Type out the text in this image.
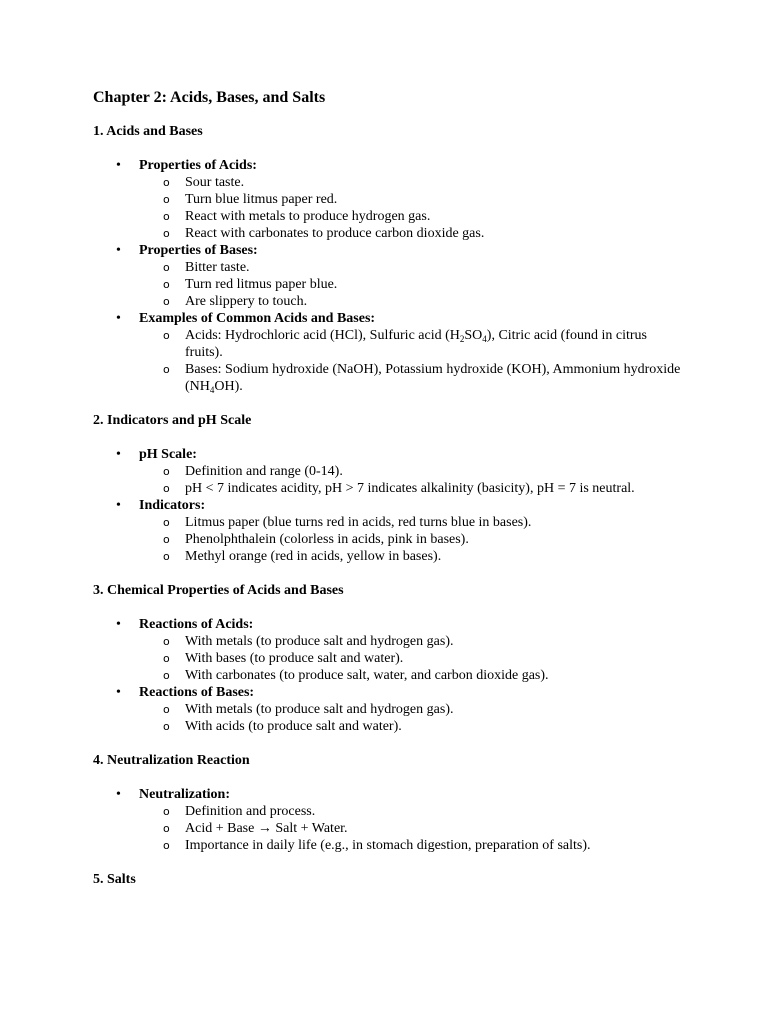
Chapter 2: Acids, Bases, and Salts
1. Acids and Bases
• Properties of Acids:
o Sour taste.
o Turn blue litmus paper red.
o React with metals to produce hydrogen gas.
o React with carbonates to produce carbon dioxide gas.
• Properties of Bases:
o Bitter taste.
o Turn red litmus paper blue.
o Are slippery to touch.
• Examples of Common Acids and Bases:
o Acids: Hydrochloric acid (HCl), Sulfuric acid $(H_2SO_4)$, Citric acid (found in citrus fruits).
o Bases: Sodium hydroxide (NaOH), Potassium hydroxide (KOH), Ammonium hydroxide $(NH_4OH)$.
2. Indicators and pH Scale
• pH Scale:
o Definition and range (0-14).
o pH < 7 indicates acidity, pH > 7 indicates alkalinity (basicity), pH = 7 is neutral.
• Indicators:
o Litmus paper (blue turns red in acids, red turns blue in bases).
o Phenolphthalein (colorless in acids, pink in bases).
o Methyl orange (red in acids, yellow in bases).
3. Chemical Properties of Acids and Bases
• Reactions of Acids:
o With metals (to produce salt and hydrogen gas).
o With bases (to produce salt and water).
o With carbonates (to produce salt, water, and carbon dioxide gas).
• Reactions of Bases:
o With metals (to produce salt and hydrogen gas).
o With acids (to produce salt and water).
4. Neutralization Reaction
• Neutralization:
o Definition and process.
o Acid + Base → Salt + Water.
o Importance in daily life (e.g., in stomach digestion, preparation of salts).
5. Salts
